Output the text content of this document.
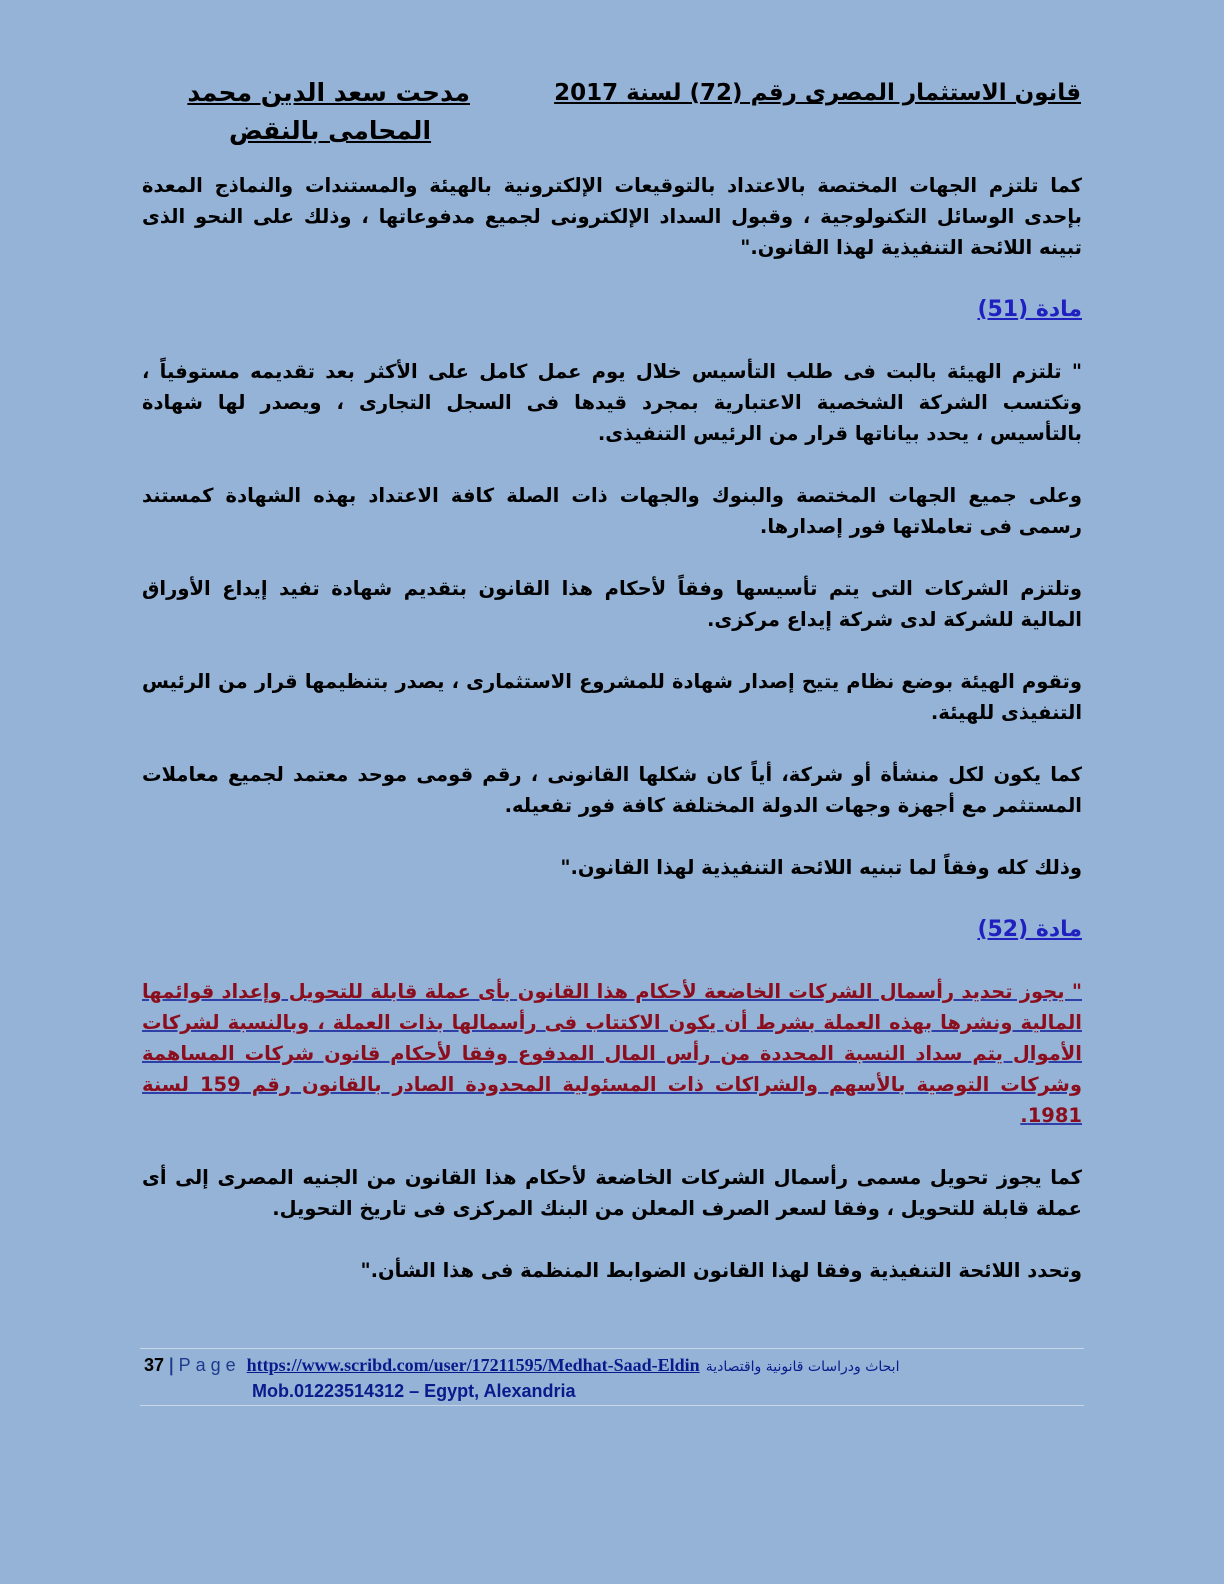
قانون الاستثمار المصرى رقم (72) لسنة 2017
مدحت سعد الدين محمد
المحامى بالنقض

كما تلتزم الجهات المختصة بالاعتداد بالتوقيعات الإلكترونية بالهيئة والمستندات والنماذج المعدة بإحدى الوسائل التكنولوجية ، وقبول السداد الإلكترونى لجميع مدفوعاتها ، وذلك على النحو الذى تبينه اللائحة التنفيذية لهذا القانون."

مادة (51)

" تلتزم الهيئة بالبت فى طلب التأسيس خلال يوم عمل كامل على الأكثر بعد تقديمه مستوفياً ، وتكتسب الشركة الشخصية الاعتبارية بمجرد قيدها فى السجل التجارى ، ويصدر لها شهادة بالتأسيس ، يحدد بياناتها قرار من الرئيس التنفيذى.

وعلى جميع الجهات المختصة والبنوك والجهات ذات الصلة كافة الاعتداد بهذه الشهادة كمستند رسمى فى تعاملاتها فور إصدارها.

وتلتزم الشركات التى يتم تأسيسها وفقاً لأحكام هذا القانون بتقديم شهادة تفيد إيداع الأوراق المالية للشركة لدى شركة إيداع مركزى.

وتقوم الهيئة بوضع نظام يتيح إصدار شهادة للمشروع الاستثمارى ، يصدر بتنظيمها قرار من الرئيس التنفيذى للهيئة.

كما يكون لكل منشأة أو شركة، أياً كان شكلها القانونى ، رقم قومى موحد معتمد لجميع معاملات المستثمر مع أجهزة وجهات الدولة المختلفة كافة فور تفعيله.

وذلك كله وفقاً لما تبنيه اللائحة التنفيذية لهذا القانون."

مادة (52)

" يجوز تحديد رأسمال الشركات الخاضعة لأحكام هذا القانون بأى عملة قابلة للتحويل وإعداد قوائمها المالية ونشرها بهذه العملة بشرط أن يكون الاكتتاب فى رأسمالها بذات العملة ، وبالنسبة لشركات الأموال يتم سداد النسبة المحددة من رأس المال المدفوع وفقا لأحكام قانون شركات المساهمة وشركات التوصية بالأسهم والشراكات ذات المسئولية المحدودة الصادر بالقانون رقم 159 لسنة 1981.

كما يجوز تحويل مسمى رأسمال الشركات الخاضعة لأحكام هذا القانون من الجنيه المصرى إلى أى عملة قابلة للتحويل ، وفقا لسعر الصرف المعلن من البنك المركزى فى تاريخ التحويل.

وتحدد اللائحة التنفيذية وفقا لهذا القانون الضوابط المنظمة فى هذا الشأن."

37 | Page https://www.scribd.com/user/17211595/Medhat-Saad-Eldin ابحاث ودراسات قانونية واقتصادية
Mob.01223514312 – Egypt, Alexandria
